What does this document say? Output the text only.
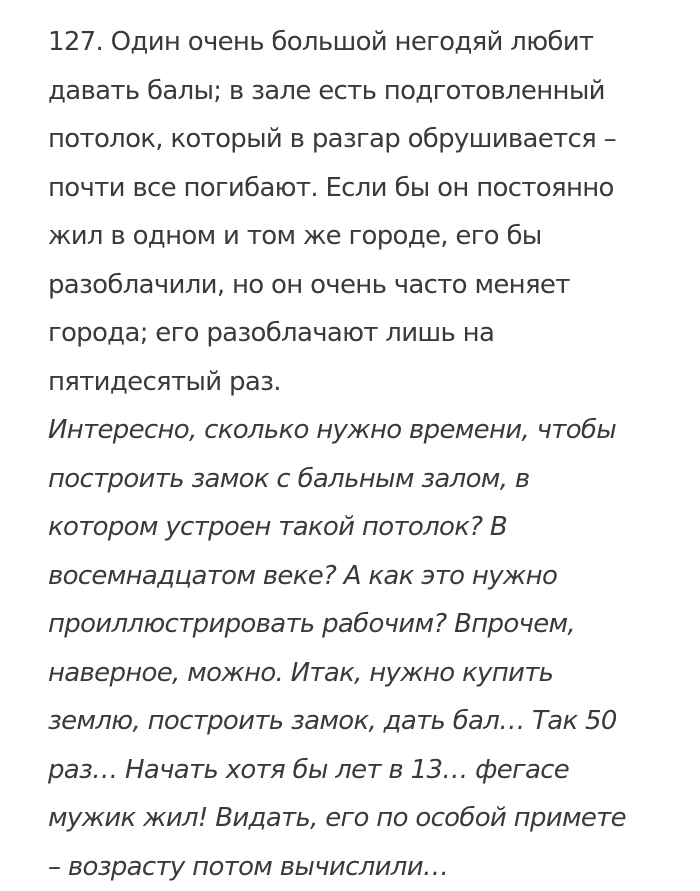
127. Один очень большой негодяй любит
давать балы; в зале есть подготовленный
потолок, который в разгар обрушивается –
почти все погибают. Если бы он постоянно
жил в одном и том же городе, его бы
разоблачили, но он очень часто меняет
города; его разоблачают лишь на
пятидесятый раз.
Интересно, сколько нужно времени, чтобы
построить замок с бальным залом, в
котором устроен такой потолок? В
восемнадцатом веке? А как это нужно
проиллюстрировать рабочим? Впрочем,
наверное, можно. Итак, нужно купить
землю, построить замок, дать бал… Так 50
раз… Начать хотя бы лет в 13… фегасе
мужик жил! Видать, его по особой примете
– возрасту потом вычислили…
